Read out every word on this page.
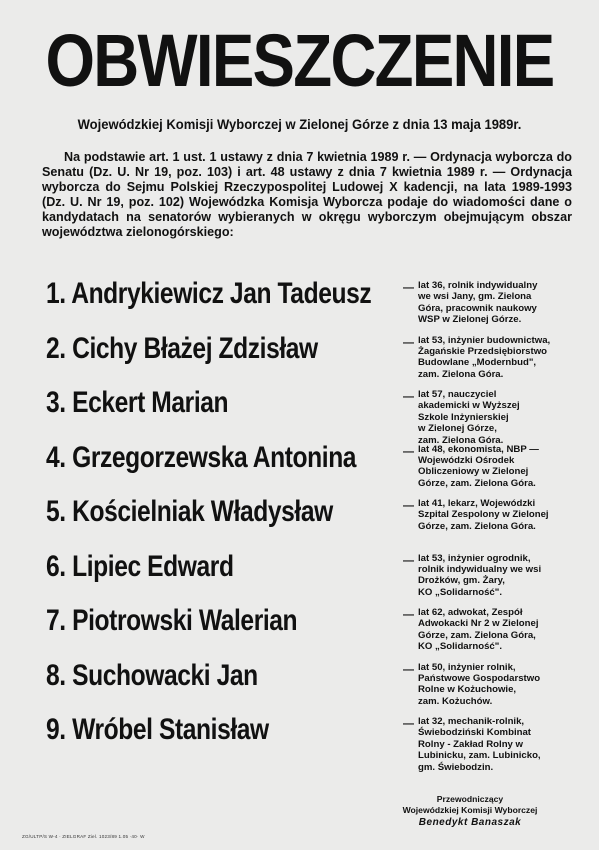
OBWIESZCZENIE
Wojewódzkiej Komisji Wyborczej w Zielonej Górze z dnia 13 maja 1989r.
Na podstawie art. 1 ust. 1 ustawy z dnia 7 kwietnia 1989 r. — Ordynacja wyborcza do Senatu (Dz. U. Nr 19, poz. 103) i art. 48 ustawy z dnia 7 kwietnia 1989 r. — Ordynacja wyborcza do Sejmu Polskiej Rzeczypospolitej Ludowej X kadencji, na lata 1989-1993 (Dz. U. Nr 19, poz. 102) Wojewódzka Komisja Wyborcza podaje do wiadomości dane o kandydatach na senatorów wybieranych w okręgu wyborczym obejmującym obszar województwa zielonogórskiego:
1. Andrykiewicz Jan Tadeusz	— lat 36, rolnik indywidualny
we wsi Jany, gm. Zielona
Góra, pracownik naukowy
WSP w Zielonej Górze.
2. Cichy Błażej Zdzisław	— lat 53, inżynier budownictwa,
Żagańskie Przedsiębiorstwo
Budowlane „Modernbud",
zam. Zielona Góra.
3. Eckert Marian	— lat 57, nauczyciel
akademicki w Wyższej
Szkole Inżynierskiej
w Zielonej Górze,
zam. Zielona Góra.
4. Grzegorzewska Antonina	— lat 48, ekonomista, NBP —
Wojewódzki Ośrodek
Obliczeniowy w Zielonej
Górze, zam. Zielona Góra.
5. Kościelniak Władysław	— lat 41, lekarz, Wojewódzki
Szpital Zespolony w Zielonej
Górze, zam. Zielona Góra.
6. Lipiec Edward	— lat 53, inżynier ogrodnik,
rolnik indywidualny we wsi
Drożków, gm. Żary,
KO „Solidarność".
7. Piotrowski Walerian	— lat 62, adwokat, Zespół
Adwokacki Nr 2 w Zielonej
Górze, zam. Zielona Góra,
KO „Solidarność".
8. Suchowacki Jan	— lat 50, inżynier rolnik,
Państwowe Gospodarstwo
Rolne w Kożuchowie,
zam. Kożuchów.
9. Wróbel Stanisław	— lat 32, mechanik-rolnik,
Świebodziński Kombinat
Rolny - Zakład Rolny w
Lubinicku, zam. Lubinicko,
gm. Świebodzin.
Przewodniczący
Wojewódzkiej Komisji Wyborczej
Benedykt Banaszak
ZG/ULTP/S W-4 · ZIELGRAF Ziel. 1023/89 1.05 ·40· W
